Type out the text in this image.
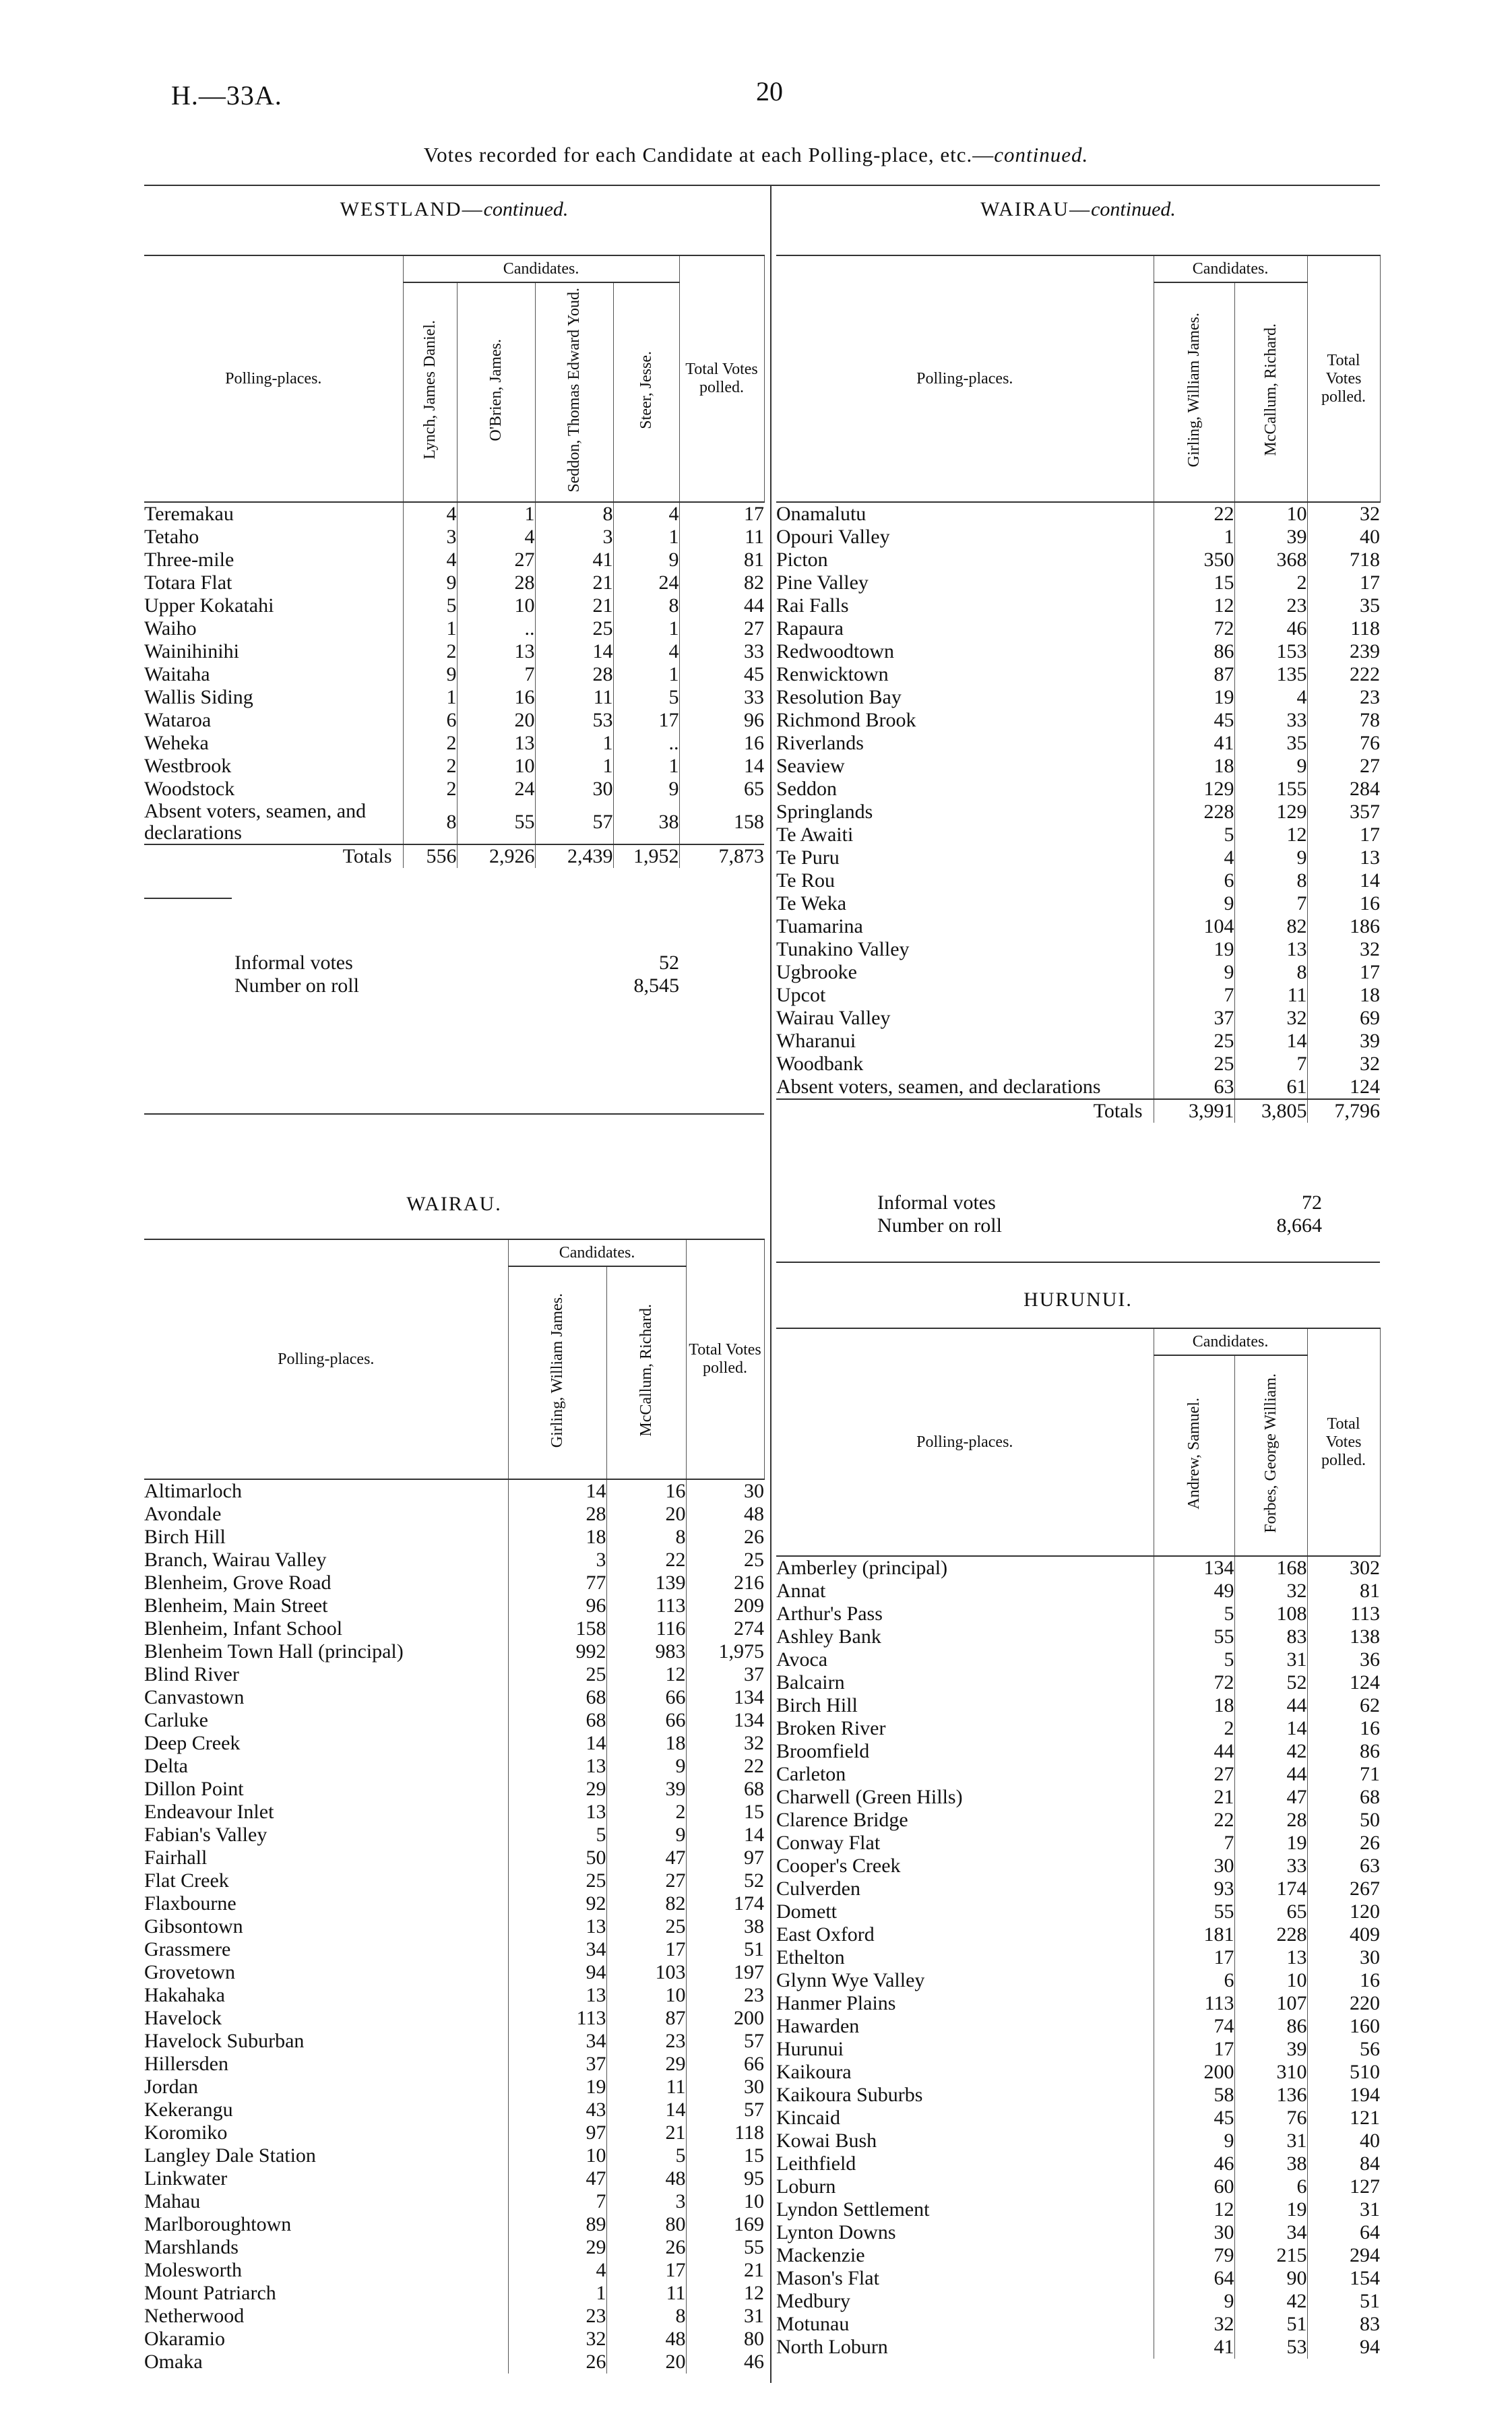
H.—33A.	20
Votes recorded for each Candidate at each Polling-place, etc.—continued.
WESTLAND—continued.
Polling-places.	Candidates.				Total Votes polled.
	Lynch, James Daniel.	O'Brien, James.	Seddon, Thomas Edward Youd.	Steer, Jesse.	
Teremakau	4	1	8	4	17
Tetaho	3	4	3	1	11
Three-mile	4	27	41	9	81
Totara Flat	9	28	21	24	82
Upper Kokatahi	5	10	21	8	44
Waiho	1	..	25	1	27
Wainihinihi	2	13	14	4	33
Waitaha	9	7	28	1	45
Wallis Siding	1	16	11	5	33
Wataroa	6	20	53	17	96
Weheka	2	13	1	..	16
Westbrook	2	10	1	1	14
Woodstock	2	24	30	9	65
Absent voters, seamen, and declarations	8	55	57	38	158
Totals	556	2,926	2,439	1,952	7,873
Informal votes	52
Number on roll	8,545
WAIRAU.
Polling-places.	Candidates.		Total Votes polled.
	Girling, William James.	McCallum, Richard.	
Altimarloch	14	16	30
Avondale	28	20	48
Birch Hill	18	8	26
Branch, Wairau Valley	3	22	25
Blenheim, Grove Road	77	139	216
Blenheim, Main Street	96	113	209
Blenheim, Infant School	158	116	274
Blenheim Town Hall (principal)	992	983	1,975
Blind River	25	12	37
Canvastown	68	66	134
Carluke	68	66	134
Deep Creek	14	18	32
Delta	13	9	22
Dillon Point	29	39	68
Endeavour Inlet	13	2	15
Fabian's Valley	5	9	14
Fairhall	50	47	97
Flat Creek	25	27	52
Flaxbourne	92	82	174
Gibsontown	13	25	38
Grassmere	34	17	51
Grovetown	94	103	197
Hakahaka	13	10	23
Havelock	113	87	200
Havelock Suburban	34	23	57
Hillersden	37	29	66
Jordan	19	11	30
Kekerangu	43	14	57
Koromiko	97	21	118
Langley Dale Station	10	5	15
Linkwater	47	48	95
Mahau	7	3	10
Marlboroughtown	89	80	169
Marshlands	29	26	55
Molesworth	4	17	21
Mount Patriarch	1	11	12
Netherwood	23	8	31
Okaramio	32	48	80
Omaka	26	20	46
WAIRAU—continued.
Polling-places.	Candidates.		Total Votes polled.
	Girling, William James.	McCallum, Richard.	
Onamalutu	22	10	32
Opouri Valley	1	39	40
Picton	350	368	718
Pine Valley	15	2	17
Rai Falls	12	23	35
Rapaura	72	46	118
Redwoodtown	86	153	239
Renwicktown	87	135	222
Resolution Bay	19	4	23
Richmond Brook	45	33	78
Riverlands	41	35	76
Seaview	18	9	27
Seddon	129	155	284
Springlands	228	129	357
Te Awaiti	5	12	17
Te Puru	4	9	13
Te Rou	6	8	14
Te Weka	9	7	16
Tuamarina	104	82	186
Tunakino Valley	19	13	32
Ugbrooke	9	8	17
Upcot	7	11	18
Wairau Valley	37	32	69
Wharanui	25	14	39
Woodbank	25	7	32
Absent voters, seamen, and declarations	63	61	124
Totals	3,991	3,805	7,796
Informal votes	72
Number on roll	8,664
HURUNUI.
Polling-places.	Candidates.		Total Votes polled.
	Andrew, Samuel.	Forbes, George William.	
Amberley (principal)	134	168	302
Annat	49	32	81
Arthur's Pass	5	108	113
Ashley Bank	55	83	138
Avoca	5	31	36
Balcairn	72	52	124
Birch Hill	18	44	62
Broken River	2	14	16
Broomfield	44	42	86
Carleton	27	44	71
Charwell (Green Hills)	21	47	68
Clarence Bridge	22	28	50
Conway Flat	7	19	26
Cooper's Creek	30	33	63
Culverden	93	174	267
Domett	55	65	120
East Oxford	181	228	409
Ethelton	17	13	30
Glynn Wye Valley	6	10	16
Hanmer Plains	113	107	220
Hawarden	74	86	160
Hurunui	17	39	56
Kaikoura	200	310	510
Kaikoura Suburbs	58	136	194
Kincaid	45	76	121
Kowai Bush	9	31	40
Leithfield	46	38	84
Loburn	60	6	127
Lyndon Settlement	12	19	31
Lynton Downs	30	34	64
Mackenzie	79	215	294
Mason's Flat	64	90	154
Medbury	9	42	51
Motunau	32	51	83
North Loburn	41	53	94
